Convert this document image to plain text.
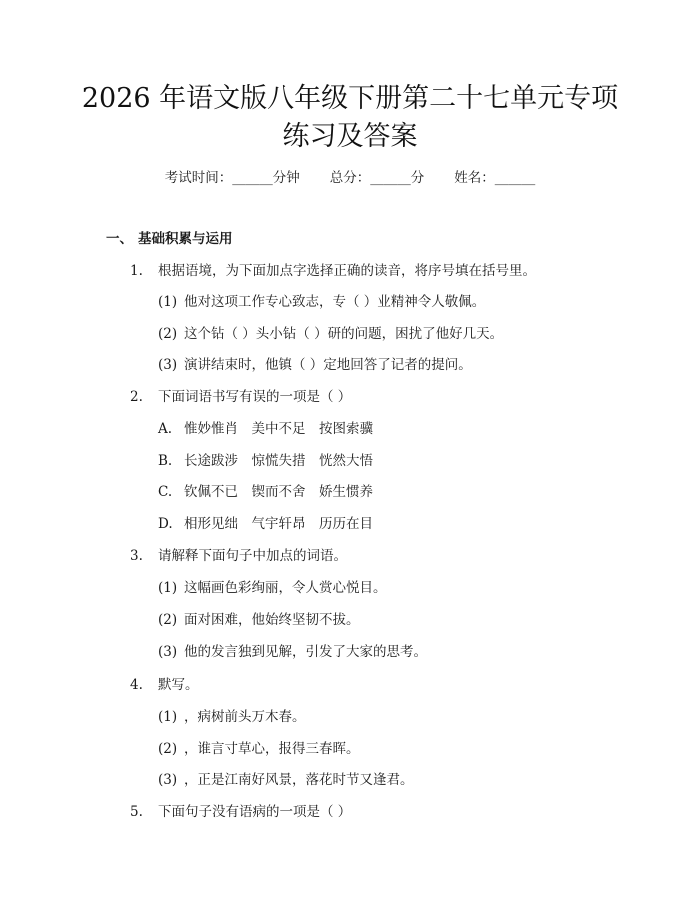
2026 年语文版八年级下册第二十七单元专项
练习及答案
考试时间：______分钟 总分：______分 姓名：______
一、 基础积累与运用
1. 根据语境，为下面加点字选择正确的读音，将序号填在括号里。
(1) 他对这项工作专心致志，专（ ）业精神令人敬佩。
(2) 这个钻（ ）头小钻（ ）研的问题，困扰了他好几天。
(3) 演讲结束时，他镇（ ）定地回答了记者的提问。
2. 下面词语书写有误的一项是（ ）
A. 惟妙惟肖　美中不足　按图索骥
B. 长途跋涉　惊慌失措　恍然大悟
C. 钦佩不已　锲而不舍　娇生惯养
D. 相形见绌　气宇轩昂　历历在目
3. 请解释下面句子中加点的词语。
(1) 这幅画色彩绚丽，令人赏心悦目。
(2) 面对困难，他始终坚韧不拔。
(3) 他的发言独到见解，引发了大家的思考。
4. 默写。
(1) ，病树前头万木春。
(2) ，谁言寸草心，报得三春晖。
(3) ，正是江南好风景，落花时节又逢君。
5. 下面句子没有语病的一项是（ ）
